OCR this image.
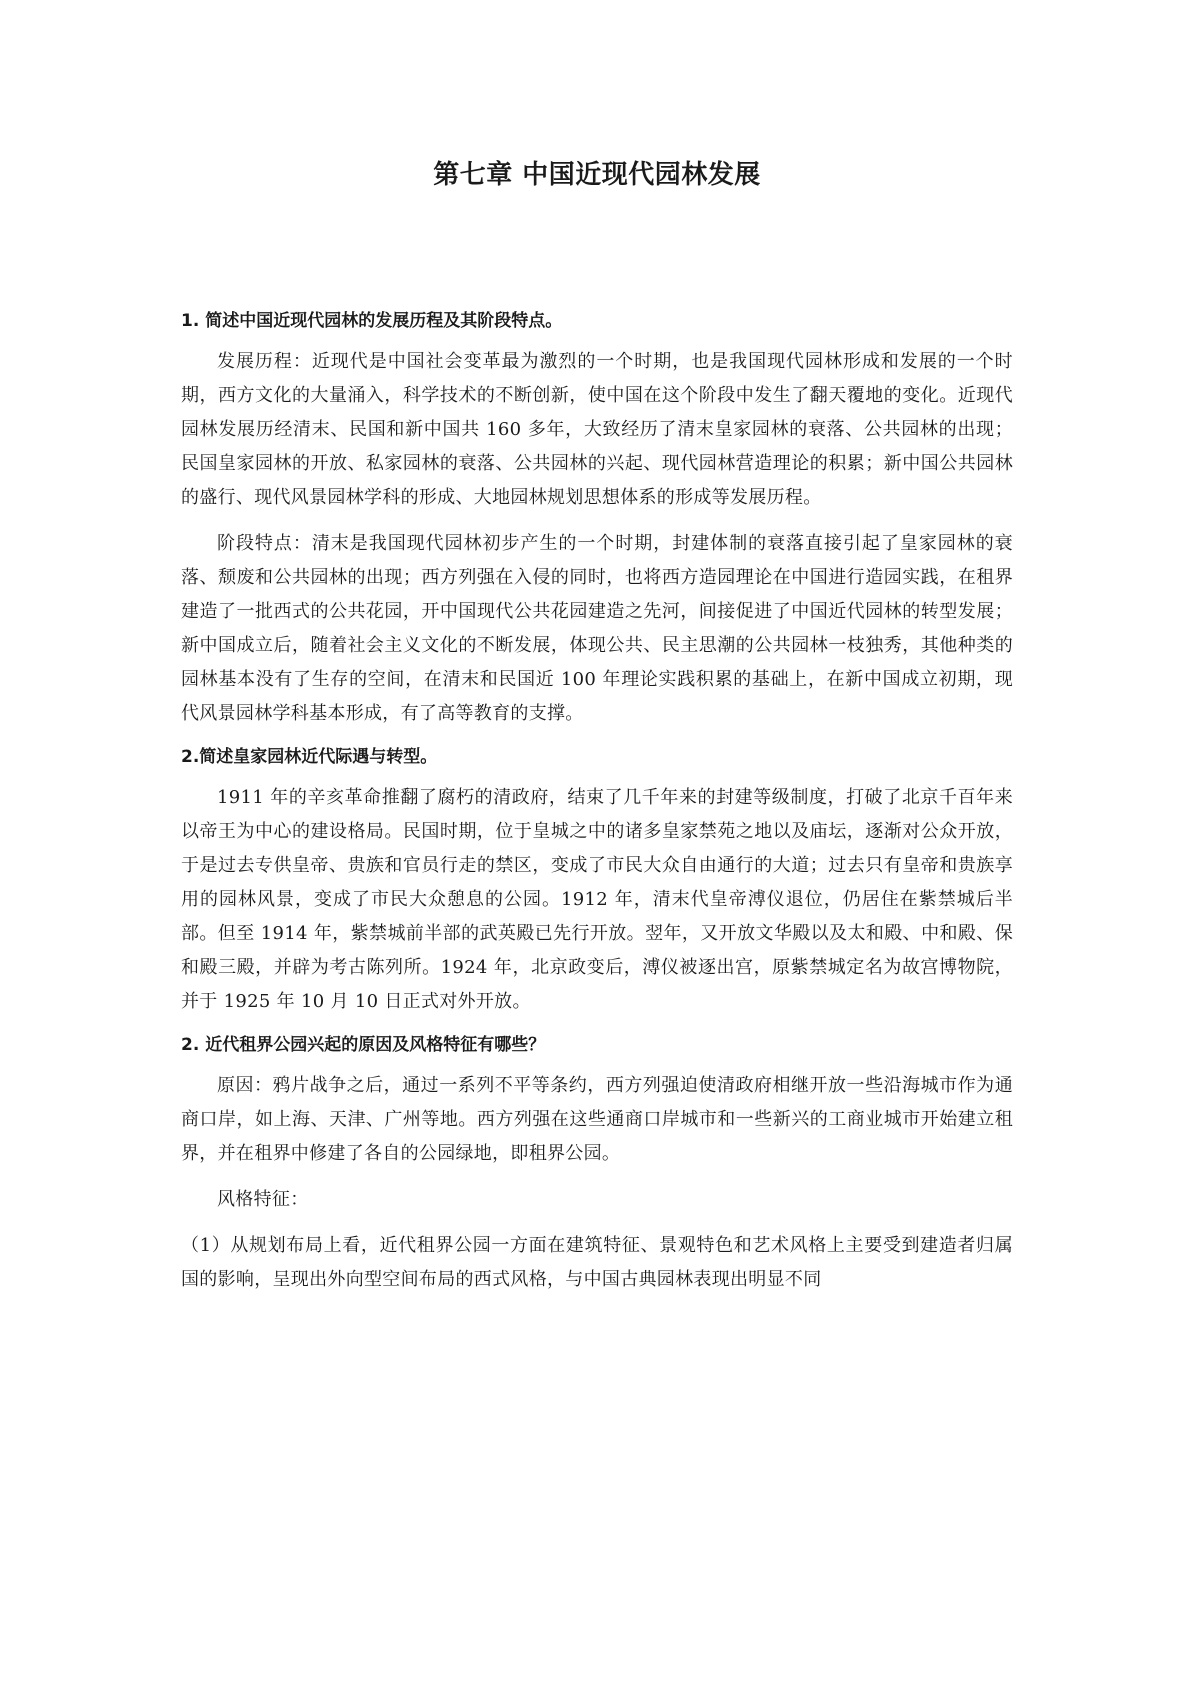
第七章 中国近现代园林发展
1. 简述中国近现代园林的发展历程及其阶段特点。

发展历程：近现代是中国社会变革最为激烈的一个时期，也是我国现代园林形成和发展的一个时期，西方文化的大量涌入，科学技术的不断创新，使中国在这个阶段中发生了翻天覆地的变化。近现代园林发展历经清末、民国和新中国共 160 多年，大致经历了清末皇家园林的衰落、公共园林的出现；民国皇家园林的开放、私家园林的衰落、公共园林的兴起、现代园林营造理论的积累；新中国公共园林的盛行、现代风景园林学科的形成、大地园林规划思想体系的形成等发展历程。

阶段特点：清末是我国现代园林初步产生的一个时期，封建体制的衰落直接引起了皇家园林的衰落、颓废和公共园林的出现；西方列强在入侵的同时，也将西方造园理论在中国进行造园实践，在租界建造了一批西式的公共花园，开中国现代公共花园建造之先河，间接促进了中国近代园林的转型发展；新中国成立后，随着社会主义文化的不断发展，体现公共、民主思潮的公共园林一枝独秀，其他种类的园林基本没有了生存的空间，在清末和民国近 100 年理论实践积累的基础上，在新中国成立初期，现代风景园林学科基本形成，有了高等教育的支撑。

2.简述皇家园林近代际遇与转型。

1911 年的辛亥革命推翻了腐朽的清政府，结束了几千年来的封建等级制度，打破了北京千百年来以帝王为中心的建设格局。民国时期，位于皇城之中的诸多皇家禁苑之地以及庙坛，逐渐对公众开放，于是过去专供皇帝、贵族和官员行走的禁区，变成了市民大众自由通行的大道；过去只有皇帝和贵族享用的园林风景，变成了市民大众憩息的公园。1912 年，清末代皇帝溥仪退位，仍居住在紫禁城后半部。但至 1914 年，紫禁城前半部的武英殿已先行开放。翌年，又开放文华殿以及太和殿、中和殿、保和殿三殿，并辟为考古陈列所。1924 年，北京政变后，溥仪被逐出宫，原紫禁城定名为故宫博物院，并于 1925 年 10 月 10 日正式对外开放。

2. 近代租界公园兴起的原因及风格特征有哪些？

原因：鸦片战争之后，通过一系列不平等条约，西方列强迫使清政府相继开放一些沿海城市作为通商口岸，如上海、天津、广州等地。西方列强在这些通商口岸城市和一些新兴的工商业城市开始建立租界，并在租界中修建了各自的公园绿地，即租界公园。

风格特征：

（1）从规划布局上看，近代租界公园一方面在建筑特征、景观特色和艺术风格上主要受到建造者归属国的影响，呈现出外向型空间布局的西式风格，与中国古典园林表现出明显不同
